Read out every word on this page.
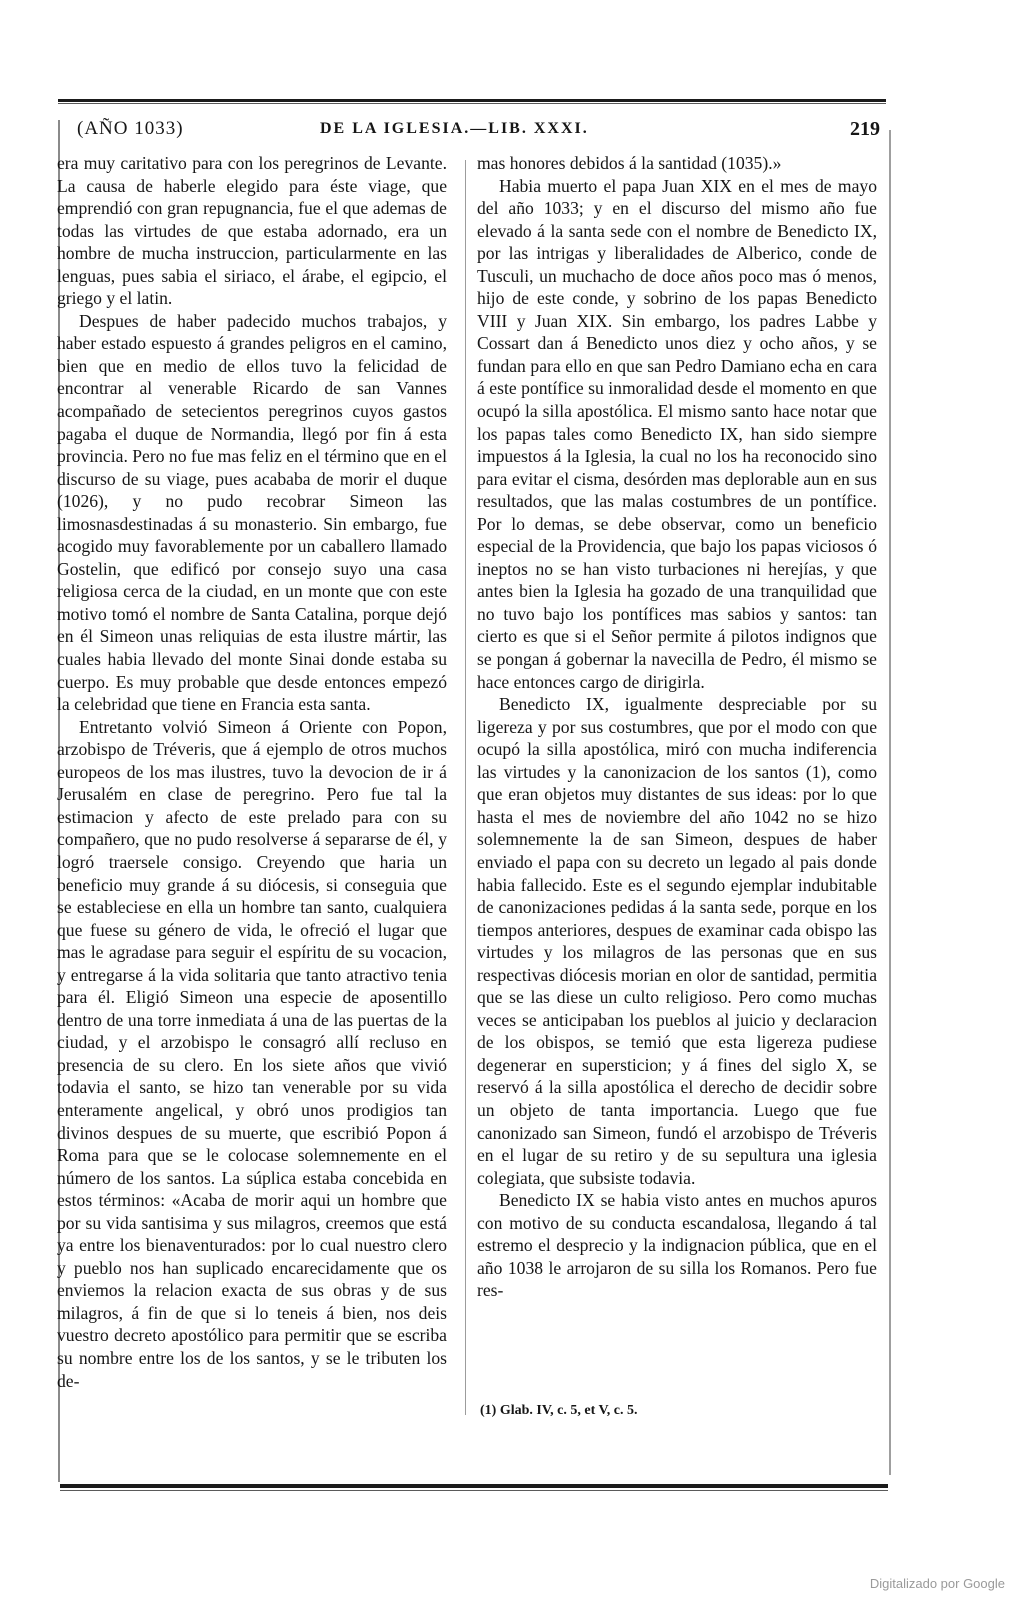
(AÑO 1033)	DE LA IGLESIA.—LIB. XXXI.	219

era muy caritativo para con los peregrinos de Levante. La causa de haberle elegido para éste viage, que emprendió con gran repugnancia, fue el que ademas de todas las virtudes de que estaba adornado, era un hombre de mucha instruccion, particularmente en las lenguas, pues sabia el siriaco, el árabe, el egipcio, el griego y el latin.

Despues de haber padecido muchos trabajos, y haber estado espuesto á grandes peligros en el camino, bien que en medio de ellos tuvo la felicidad de encontrar al venerable Ricardo de san Vannes acompañado de setecientos peregrinos cuyos gastos pagaba el duque de Normandia, llegó por fin á esta provincia. Pero no fue mas feliz en el término que en el discurso de su viage, pues acababa de morir el duque (1026), y no pudo recobrar Simeon las limosnasdestinadas á su monasterio. Sin embargo, fue acogido muy favorablemente por un caballero llamado Gostelin, que edificó por consejo suyo una casa religiosa cerca de la ciudad, en un monte que con este motivo tomó el nombre de Santa Catalina, porque dejó en él Simeon unas reliquias de esta ilustre mártir, las cuales habia llevado del monte Sinai donde estaba su cuerpo. Es muy probable que desde entonces empezó la celebridad que tiene en Francia esta santa.

Entretanto volvió Simeon á Oriente con Popon, arzobispo de Tréveris, que á ejemplo de otros muchos europeos de los mas ilustres, tuvo la devocion de ir á Jerusalém en clase de peregrino. Pero fue tal la estimacion y afecto de este prelado para con su compañero, que no pudo resolverse á separarse de él, y logró traersele consigo. Creyendo que haria un beneficio muy grande á su diócesis, si conseguia que se estableciese en ella un hombre tan santo, cualquiera que fuese su género de vida, le ofreció el lugar que mas le agradase para seguir el espíritu de su vocacion, y entregarse á la vida solitaria que tanto atractivo tenia para él. Eligió Simeon una especie de aposentillo dentro de una torre inmediata á una de las puertas de la ciudad, y el arzobispo le consagró allí recluso en presencia de su clero. En los siete años que vivió todavia el santo, se hizo tan venerable por su vida enteramente angelical, y obró unos prodigios tan divinos despues de su muerte, que escribió Popon á Roma para que se le colocase solemnemente en el número de los santos. La súplica estaba concebida en estos términos: «Acaba de morir aqui un hombre que por su vida santisima y sus milagros, creemos que está ya entre los bienaventurados: por lo cual nuestro clero y pueblo nos han suplicado encarecidamente que os enviemos la relacion exacta de sus obras y de sus milagros, á fin de que si lo teneis á bien, nos deis vuestro decreto apostólico para permitir que se escriba su nombre entre los de los santos, y se le tributen los de-

mas honores debidos á la santidad (1035).»

Habia muerto el papa Juan XIX en el mes de mayo del año 1033; y en el discurso del mismo año fue elevado á la santa sede con el nombre de Benedicto IX, por las intrigas y liberalidades de Alberico, conde de Tusculi, un muchacho de doce años poco mas ó menos, hijo de este conde, y sobrino de los papas Benedicto VIII y Juan XIX. Sin embargo, los padres Labbe y Cossart dan á Benedicto unos diez y ocho años, y se fundan para ello en que san Pedro Damiano echa en cara á este pontífice su inmoralidad desde el momento en que ocupó la silla apostólica. El mismo santo hace notar que los papas tales como Benedicto IX, han sido siempre impuestos á la Iglesia, la cual no los ha reconocido sino para evitar el cisma, desórden mas deplorable aun en sus resultados, que las malas costumbres de un pontífice. Por lo demas, se debe observar, como un beneficio especial de la Providencia, que bajo los papas viciosos ó ineptos no se han visto turbaciones ni herejías, y que antes bien la Iglesia ha gozado de una tranquilidad que no tuvo bajo los pontífices mas sabios y santos: tan cierto es que si el Señor permite á pilotos indignos que se pongan á gobernar la navecilla de Pedro, él mismo se hace entonces cargo de dirigirla.

Benedicto IX, igualmente despreciable por su ligereza y por sus costumbres, que por el modo con que ocupó la silla apostólica, miró con mucha indiferencia las virtudes y la canonizacion de los santos (1), como que eran objetos muy distantes de sus ideas: por lo que hasta el mes de noviembre del año 1042 no se hizo solemnemente la de san Simeon, despues de haber enviado el papa con su decreto un legado al pais donde habia fallecido. Este es el segundo ejemplar indubitable de canonizaciones pedidas á la santa sede, porque en los tiempos anteriores, despues de examinar cada obispo las virtudes y los milagros de las personas que en sus respectivas diócesis morian en olor de santidad, permitia que se las diese un culto religioso. Pero como muchas veces se anticipaban los pueblos al juicio y declaracion de los obispos, se temió que esta ligereza pudiese degenerar en supersticion; y á fines del siglo X, se reservó á la silla apostólica el derecho de decidir sobre un objeto de tanta importancia. Luego que fue canonizado san Simeon, fundó el arzobispo de Tréveris en el lugar de su retiro y de su sepultura una iglesia colegiata, que subsiste todavia.

Benedicto IX se habia visto antes en muchos apuros con motivo de su conducta escandalosa, llegando á tal estremo el desprecio y la indignacion pública, que en el año 1038 le arrojaron de su silla los Romanos. Pero fue res-

(1) Glab. IV, c. 5, et V, c. 5.
Digitalizado por Google
